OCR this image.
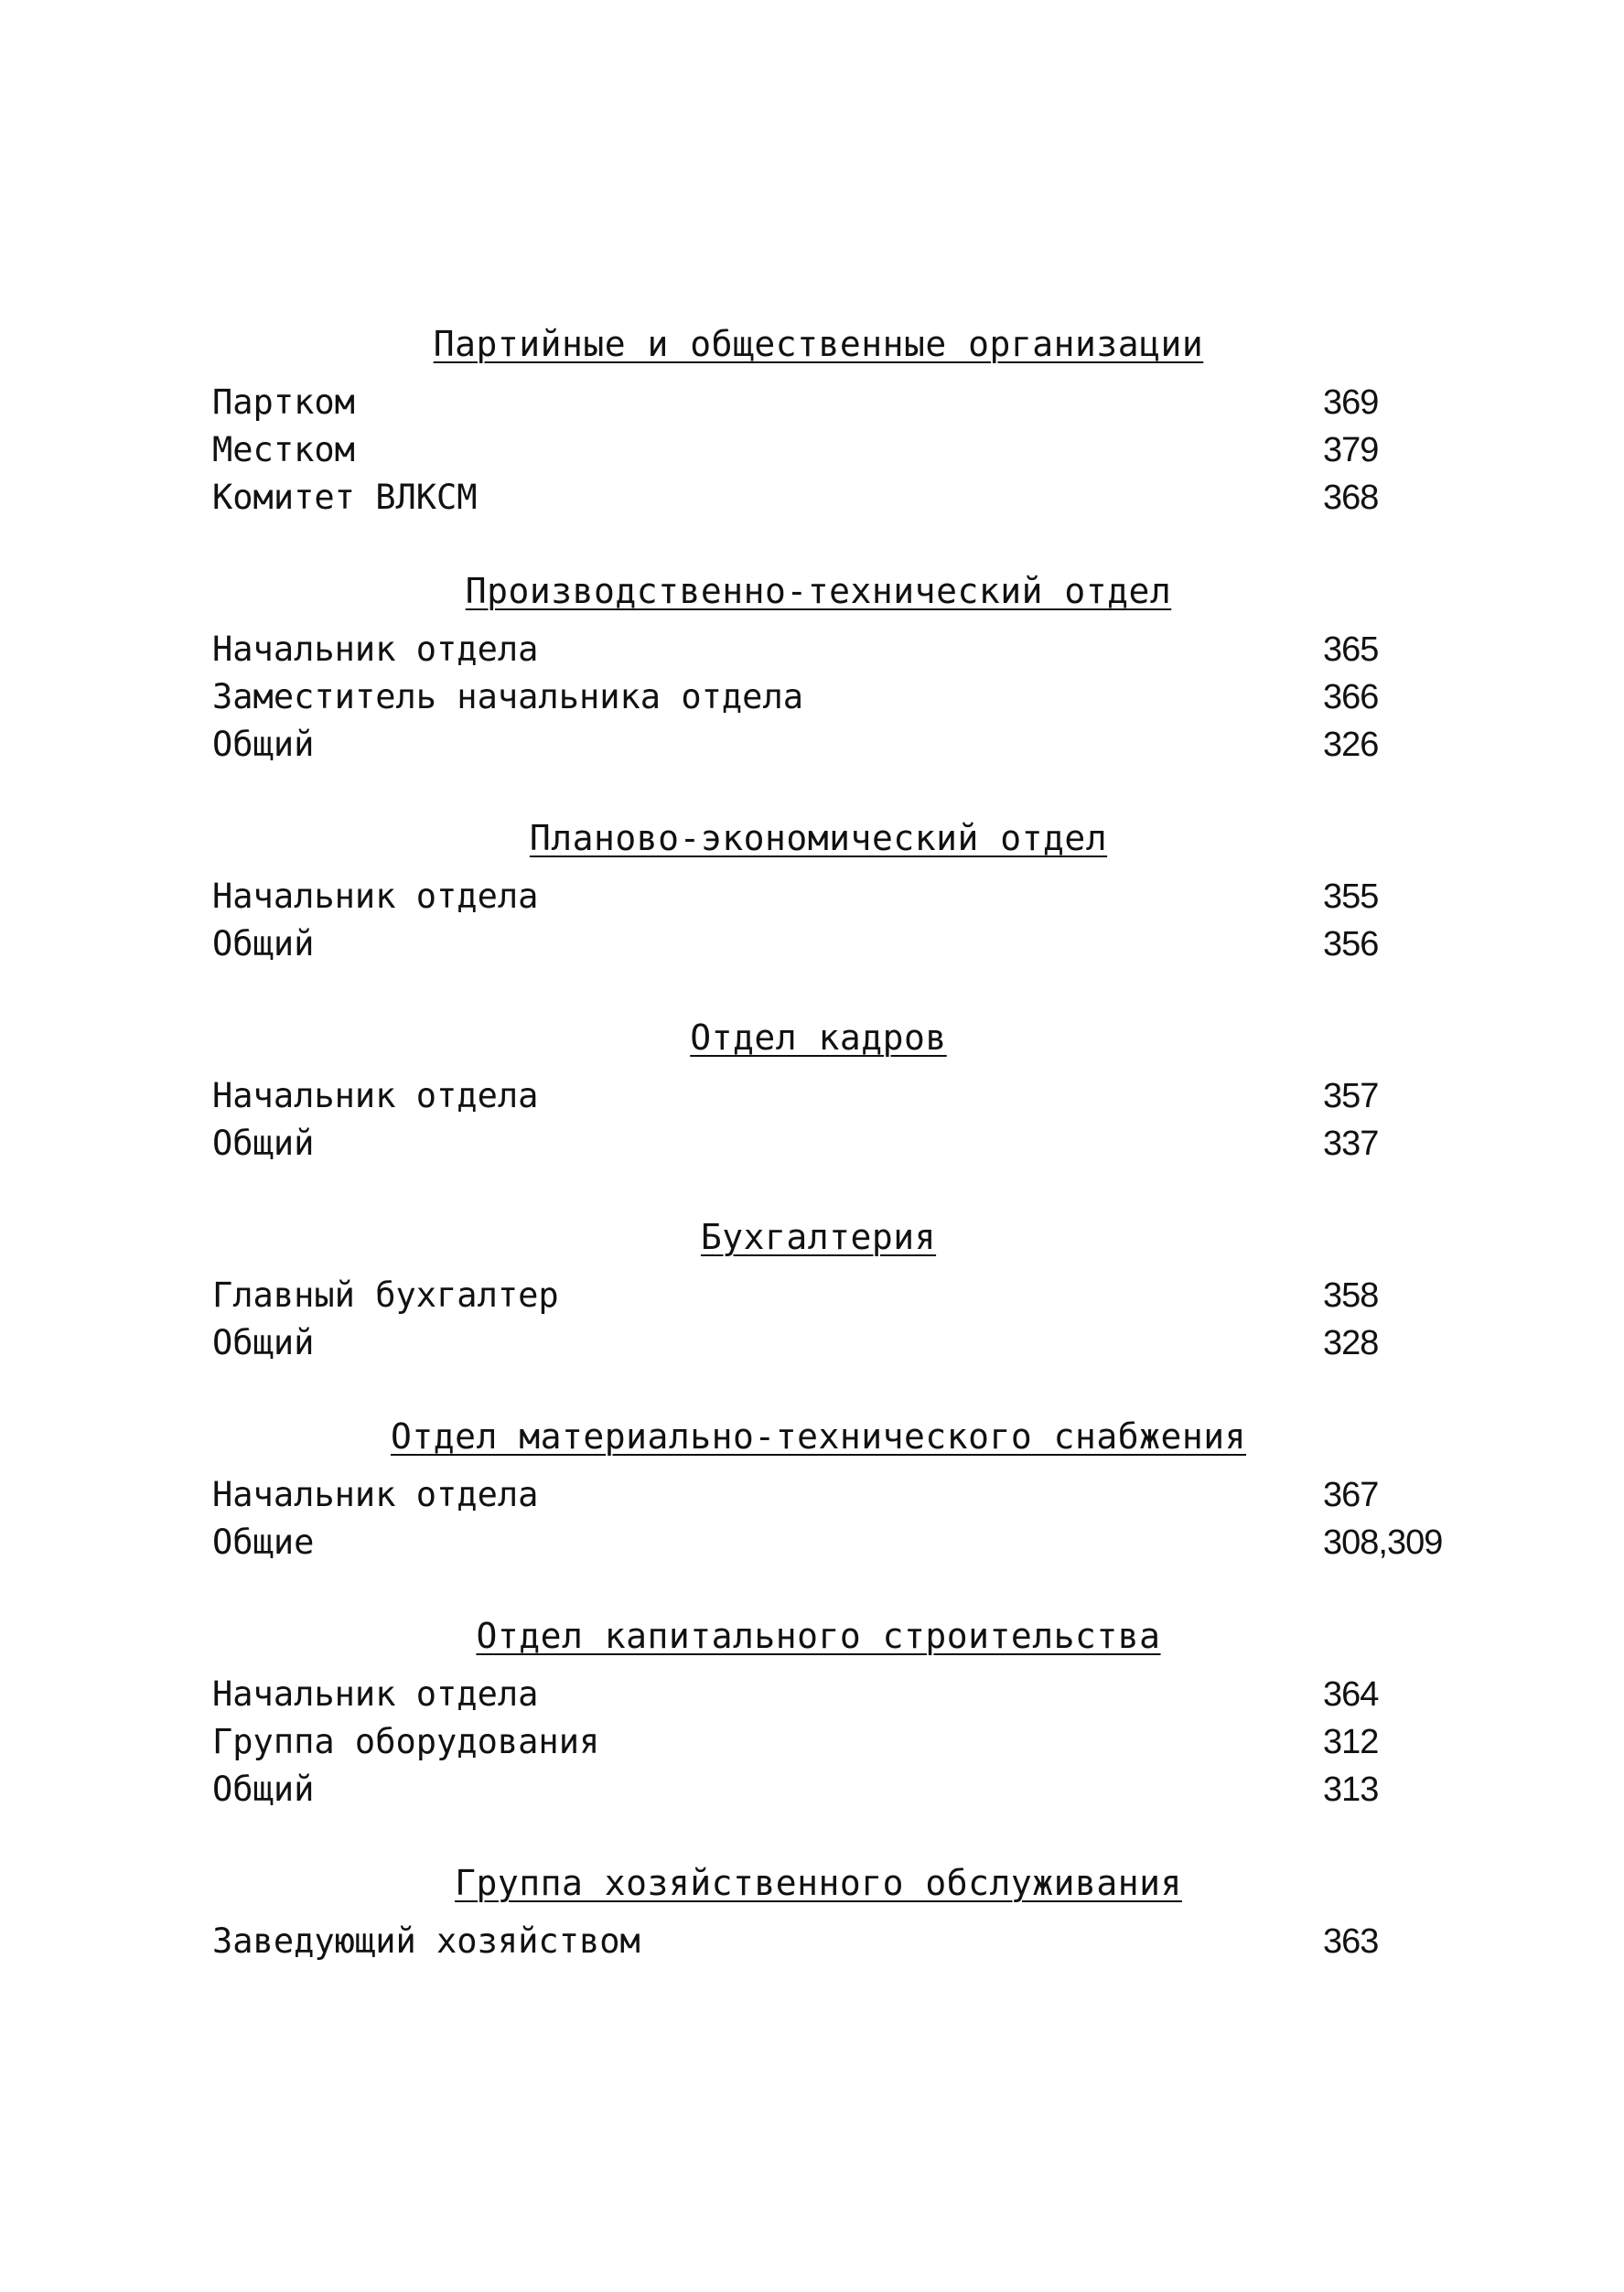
Партийные и общественные организации
Партком	369
Местком	379
Комитет ВЛКСМ	368
Производственно-технический отдел
Начальник отдела	365
Заместитель начальника отдела	366
Общий	326
Планово-экономический отдел
Начальник отдела	355
Общий	356
Отдел кадров
Начальник отдела	357
Общий	337
Бухгалтерия
Главный бухгалтер	358
Общий	328
Отдел материально-технического снабжения
Начальник отдела	367
Общие	308,309
Отдел капитального строительства
Начальник отдела	364
Группа оборудования	312
Общий	313
Группа хозяйственного обслуживания
Заведующий хозяйством	363
